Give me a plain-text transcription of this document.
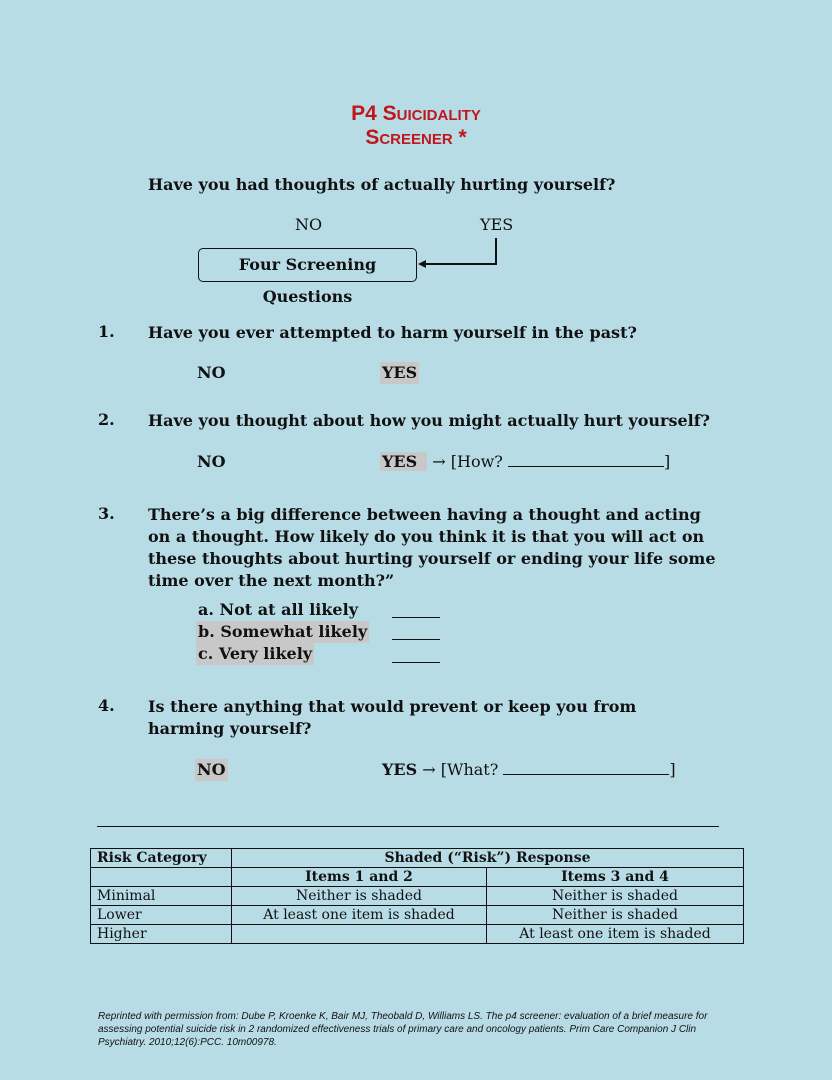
P4 Suicidality
Screener *
Have you had thoughts of actually hurting yourself?
NO	YES
Four Screening Questions
1. Have you ever attempted to harm yourself in the past?
NO	YES
2. Have you thought about how you might actually hurt yourself?
NO	YES → [How?	]
3. There’s a big difference between having a thought and acting on a thought. How likely do you think it is that you will act on these thoughts about hurting yourself or ending your life some time over the next month?”
a. Not at all likely
b. Somewhat likely
c. Very likely
4. Is there anything that would prevent or keep you from harming yourself?
NO	YES → [What?	]
Risk Category	Shaded (“Risk”) Response	
	Items 1 and 2	Items 3 and 4
Minimal	Neither is shaded	Neither is shaded
Lower	At least one item is shaded	Neither is shaded
Higher		At least one item is shaded
Reprinted with permission from: Dube P, Kroenke K, Bair MJ, Theobald D, Williams LS. The p4 screener: evaluation of a brief measure for assessing potential suicide risk in 2 randomized effectiveness trials of primary care and oncology patients. Prim Care Companion J Clin Psychiatry. 2010;12(6):PCC. 10m00978.
